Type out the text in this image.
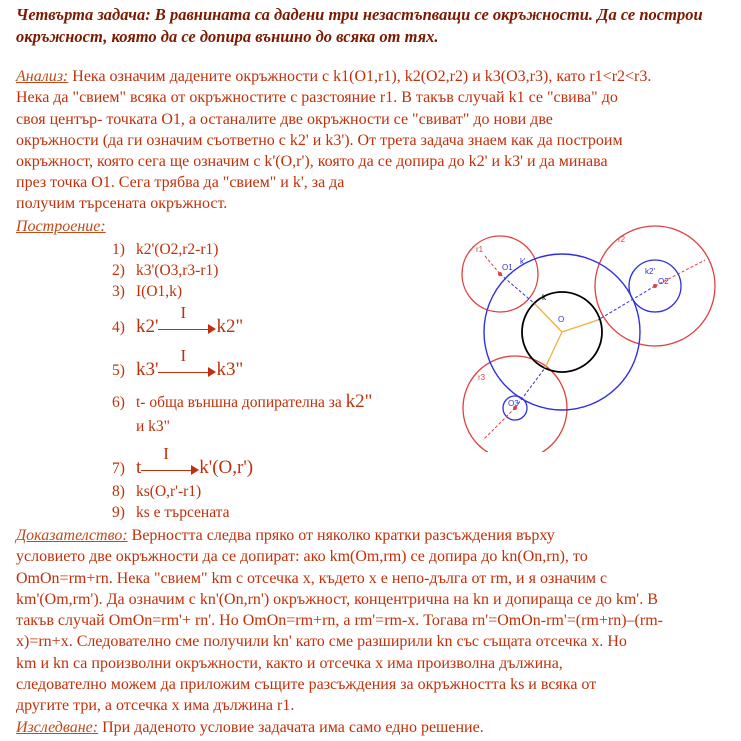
Четвърта задача: В равнината са дадени три незастъпващи се окръжности. Да се построи окръжност, която да се допира външно до всяка от тях.
Анализ: Нека означим дадените окръжности с k1(O1,r1), k2(O2,r2) и k3(O3,r3), като r1<r2<r3.
Нека да "свием" всяка от окръжностите с разстояние r1. В такъв случай k1 се "свива" до
своя център- точката O1, а останалите две окръжности се "свиват" до нови две
окръжности (да ги означим съответно с k2' и k3'). От трета задача знаем как да построим
окръжност, която сега ще означим с k'(O,r'), която да се допира до k2' и k3' и да минава
през точка O1. Сега трябва да "свием" и k', за да
получим търсената окръжност.
Построение:
1) k2'(O2,r2-r1)
2) k3'(O3,r3-r1)
3) I(O1,k)
4) k2'
I
k2"
5) k3'
I
k3"
6) t- обща външна допирателна за k2"
и k3"
7) t
I
k'(O,r')
8) ks(O,r'-r1)
9) ks е търсената
Доказателство: Верността следва пряко от няколко кратки разсъждения върху
условието две окръжности да се допират: ако km(Om,rm) се допира до kn(On,rn), то
OmOn=rm+rn. Нека "свием" km с отсечка x, където x е непо-дълга от rm, и я означим с
km'(Om,rm'). Да означим с kn'(On,rn') окръжност, концентрична на kn и допираща се до km'. В
такъв случай OmOn=rm'+ rn'. Но OmOn=rm+rn, а rm'=rm-x. Тогава rn'=OmOn-rm'=(rm+rn)–(rm-
x)=rn+x. Следователно сме получили kn' като сме разширили kn със същата отсечка x. Но
km и kn са произволни окръжности, както и отсечка x има произволна дължина,
следователно можем да приложим същите разсъждения за окръжността ks и всяка от
другите три, а отсечка x има дължина r1.
Изследване: При даденото условие задачата има само едно решение.
r1
k'
O1
k
O
r2
k2'
O2
r3
O3
